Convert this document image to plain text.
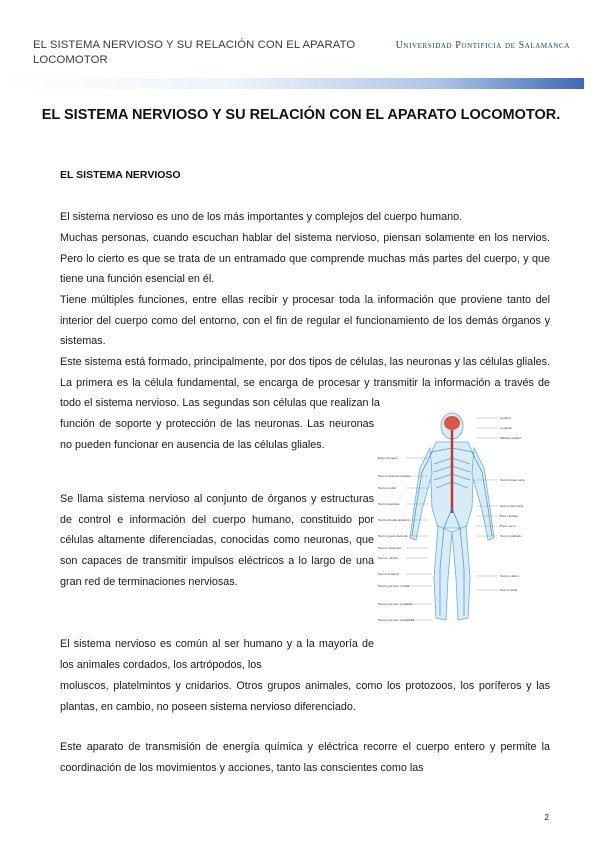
EL SISTEMA NERVIOSO Y SU RELACIÓN CON EL APARATO LOCOMOTOR
Universidad Pontificia de Salamanca
EL SISTEMA NERVIOSO Y SU RELACIÓN CON EL APARATO LOCOMOTOR.
EL SISTEMA NERVIOSO
El sistema nervioso es uno de los más importantes y complejos del cuerpo humano.
Muchas personas, cuando escuchan hablar del sistema nervioso, piensan solamente en los nervios. Pero lo cierto es que se trata de un entramado que comprende muchas más partes del cuerpo, y que tiene una función esencial en él.
Tiene múltiples funciones, entre ellas recibir y procesar toda la información que proviene tanto del interior del cuerpo como del entorno, con el fin de regular el funcionamiento de los demás órganos y sistemas.
Este sistema está formado, principalmente, por dos tipos de células, las neuronas y las células gliales. La primera es la célula fundamental, se encarga de procesar y transmitir la información a través de todo el sistema nervioso. Las segundas son células que realizan la
función de soporte y protección de las neuronas. Las neuronas no pueden funcionar en ausencia de las células gliales.
Se llama sistema nervioso al conjunto de órganos y estructuras de control e información del cuerpo humano, constituido por células altamente diferenciadas, conocidas como neuronas, que son capaces de transmitir impulsos eléctricos a lo largo de una gran red de terminaciones nerviosas.
El sistema nervioso es común al ser humano y a la mayoría de los animales cordados, los artrópodos, los
moluscos, platelmintos y cnidarios. Otros grupos animales, como los protozoos, los poríferos y las plantas, en cambio, no poseen sistema nervioso diferenciado.
Este aparato de transmisión de energía química y eléctrica recorre el cuerpo entero y permite la coordinación de los movimientos y acciones, tanto las conscientes como las
Cerebro
Cerebelo
Médula espinal
Nervio intercostal
Nervio subcostal
Plexo lumbar
Plexo sacro
Nervio pudendo
Nervio ciático
Nervio tibial
Plexo braquial
Nervio musculocutáneo
Nervio radial
Nervio mediano
Nervio iliohipogástrico
Nervio genitofemoral
Nervio obturador
Nervio cubital
Nervio femoral
Nervio peroneo común
Nervio peroneo profundo
Nervio peroneo superficial
2
